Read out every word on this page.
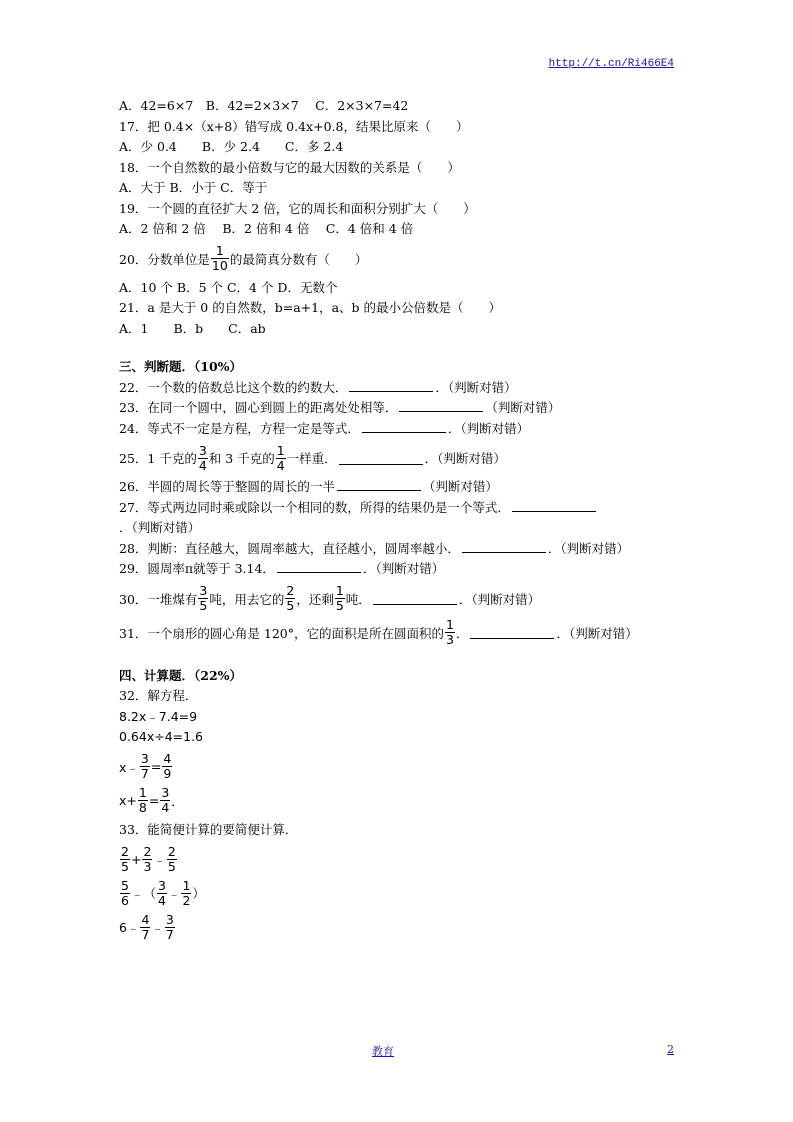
http://t.cn/Ri466E4
A．42=6×7　B．42=2×3×7　 C．2×3×7=42
17．把 0.4×（x+8）错写成 0.4x+0.8，结果比原来（　　）
A．少 0.4　　B．少 2.4　　C．多 2.4
18．一个自然数的最小倍数与它的最大因数的关系是（　　）
A．大于 B．小于 C．等于
19．一个圆的直径扩大 2 倍，它的周长和面积分别扩大（　　）
A．2 倍和 2 倍　 B．2 倍和 4 倍　 C．4 倍和 4 倍
20．分数单位是 $\frac{1}{10}$ 的最简真分数有（　　）
A．10 个 B．5 个 C．4 个 D．无数个
21．a 是大于 0 的自然数，b=a+1，a、b 的最小公倍数是（　　）
A．1　　B．b　　C．ab
三、判断题．（10%）
22．一个数的倍数总比这个数的约数大．	．（判断对错）
23．在同一个圆中，圆心到圆上的距离处处相等．	（判断对错）
24．等式不一定是方程，方程一定是等式．	．（判断对错）
25．1 千克的 $\frac{3}{4}$ 和 3 千克的 $\frac{1}{4}$ 一样重．	．（判断对错）
26．半圆的周长等于整圆的周长的一半	（判断对错）
27．等式两边同时乘或除以一个相同的数，所得的结果仍是一个等式．．（判断对错）
28．判断：直径越大，圆周率越大，直径越小，圆周率越小．	．（判断对错）
29．圆周率π就等于 3.14．	．（判断对错）
30．一堆煤有 $\frac{3}{5}$ 吨，用去它的 $\frac{2}{5}$ ，还剩 $\frac{1}{5}$ 吨．	．（判断对错）
31．一个扇形的圆心角是 120°，它的面积是所在圆面积的 $\frac{1}{3}$ ．	．（判断对错）
四、计算题．（22%）
32．解方程．
8.2x﹣7.4=9
0.64x÷4=1.6
x﹣ $\frac{3}{7} = \frac{4}{9}$
$x+ \frac{1}{8} = \frac{3}{4}$ ．
33．能简便计算的要简便计算．
$\frac{2}{5} + \frac{2}{3}$ ﹣ $\frac{2}{5}$
$\frac{5}{6}$ ﹣（ $\frac{3}{4}$ ﹣ $\frac{1}{2}$ ）
6﹣ $\frac{4}{7}$ ﹣ $\frac{3}{7}$
教育	2
